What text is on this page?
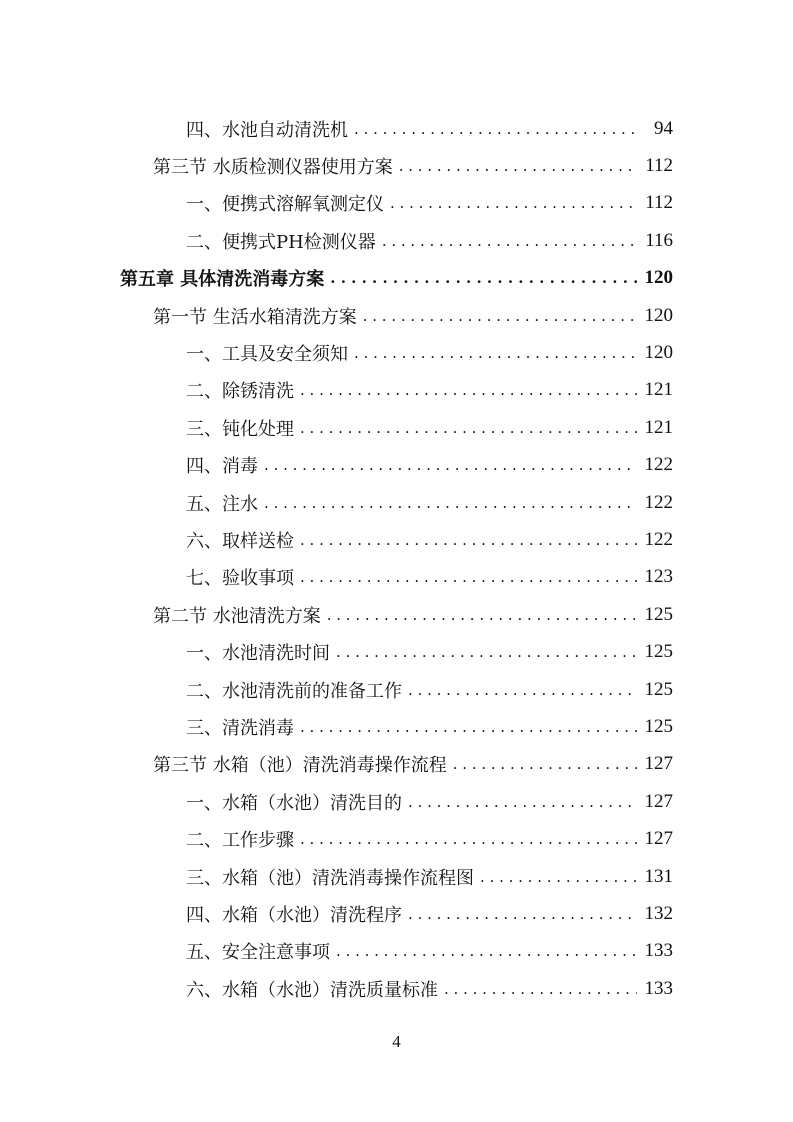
四、水池自动清洗机 . . .	94
第三节 水质检测仪器使用方案 . . .	112
一、便携式溶解氧测定仪 . . .	112
二、便携式PH检测仪器 . . .	116
第五章 具体清洗消毒方案 . . .	120
第一节 生活水箱清洗方案 . . .	120
一、工具及安全须知 . . .	120
二、除锈清洗 . . .	121
三、钝化处理 . . .	121
四、消毒 . . .	122
五、注水 . . .	122
六、取样送检 . . .	122
七、验收事项 . . .	123
第二节 水池清洗方案 . . .	125
一、水池清洗时间 . . .	125
二、水池清洗前的准备工作 . . .	125
三、清洗消毒 . . .	125
第三节 水箱（池）清洗消毒操作流程 . . .	127
一、水箱（水池）清洗目的 . . .	127
二、工作步骤 . . .	127
三、水箱（池）清洗消毒操作流程图 . . .	131
四、水箱（水池）清洗程序 . . .	132
五、安全注意事项 . . .	133
六、水箱（水池）清洗质量标准 . . .	133
4
